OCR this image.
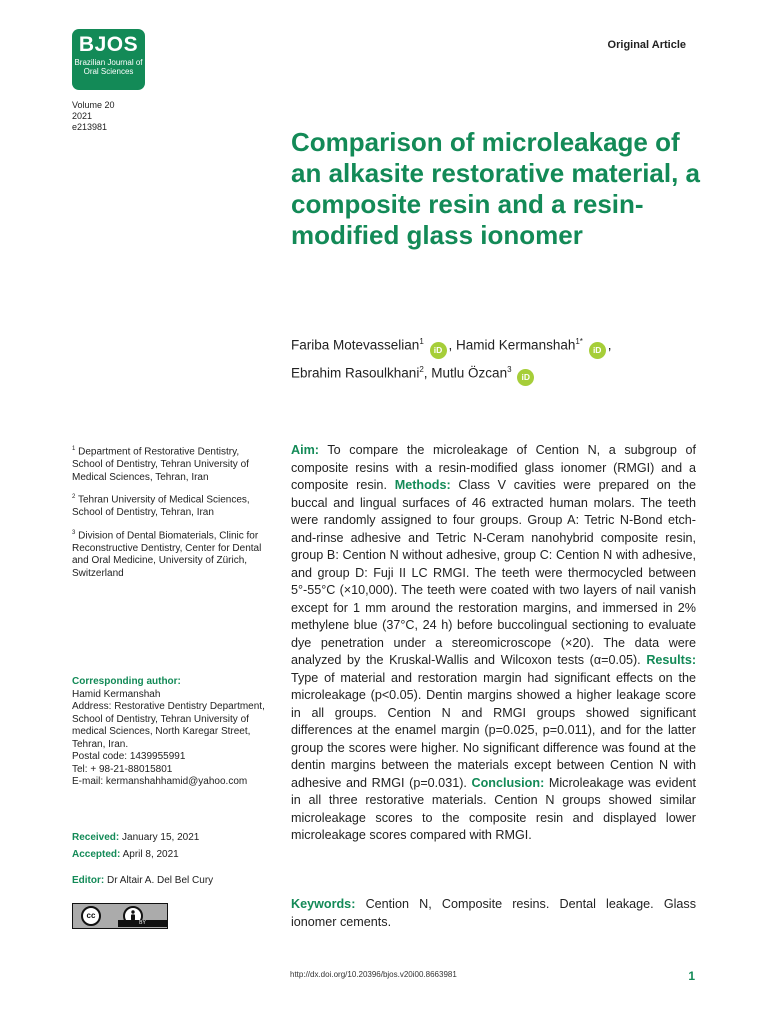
BJOS
Brazilian Journal of Oral Sciences
Original Article
Volume 20
2021
e213981	Comparison of microleakage of an alkasite restorative material, a composite resin and a resin-modified glass ionomer
Fariba Motevasselian$^1$ iD , Hamid Kermanshah$^{1*}$ iD ,
Ebrahim Rasoulkhani$^2$, Mutlu Özcan$^3$ iD
$^1$ Department of Restorative Dentistry, School of Dentistry, Tehran University of Medical Sciences, Tehran, Iran
$^2$ Tehran University of Medical Sciences, School of Dentistry, Tehran, Iran
$^3$ Division of Dental Biomaterials, Clinic for Reconstructive Dentistry, Center for Dental and Oral Medicine, University of Zürich, Switzerland
Corresponding author:
Hamid Kermanshah
Address: Restorative Dentistry Department, School of Dentistry, Tehran University of medical Sciences, North Karegar Street, Tehran, Iran.
Postal code: 1439955991
Tel: + 98-21-88015801
E-mail: kermanshahhamid@yahoo.com
Received: January 15, 2021
Accepted: April 8, 2021
Editor: Dr Altair A. Del Bel Cury
cc
BY

Aim: To compare the microleakage of Cention N, a subgroup of composite resins with a resin-modified glass ionomer (RMGI) and a composite resin. Methods: Class V cavities were prepared on the buccal and lingual surfaces of 46 extracted human molars. The teeth were randomly assigned to four groups. Group A: Tetric N-Bond etch-and-rinse adhesive and Tetric N-Ceram nanohybrid composite resin, group B: Cention N without adhesive, group C: Cention N with adhesive, and group D: Fuji II LC RMGI. The teeth were thermocycled between 5°-55°C (×10,000). The teeth were coated with two layers of nail vanish except for 1 mm around the restoration margins, and immersed in 2% methylene blue (37°C, 24 h) before buccolingual sectioning to evaluate dye penetration under a stereomicroscope (×20). The data were analyzed by the Kruskal-Wallis and Wilcoxon tests (α=0.05). Results: Type of material and restoration margin had significant effects on the microleakage (p<0.05). Dentin margins showed a higher leakage score in all groups. Cention N and RMGI groups showed significant differences at the enamel margin (p=0.025, p=0.011), and for the latter group the scores were higher. No significant difference was found at the dentin margins between the materials except between Cention N with adhesive and RMGI (p=0.031). Conclusion: Microleakage was evident in all three restorative materials. Cention N groups showed similar microleakage scores to the composite resin and displayed lower microleakage scores compared with RMGI.

Keywords: Cention N, Composite resins. Dental leakage. Glass ionomer cements.

http://dx.doi.org/10.20396/bjos.v20i00.8663981	1
